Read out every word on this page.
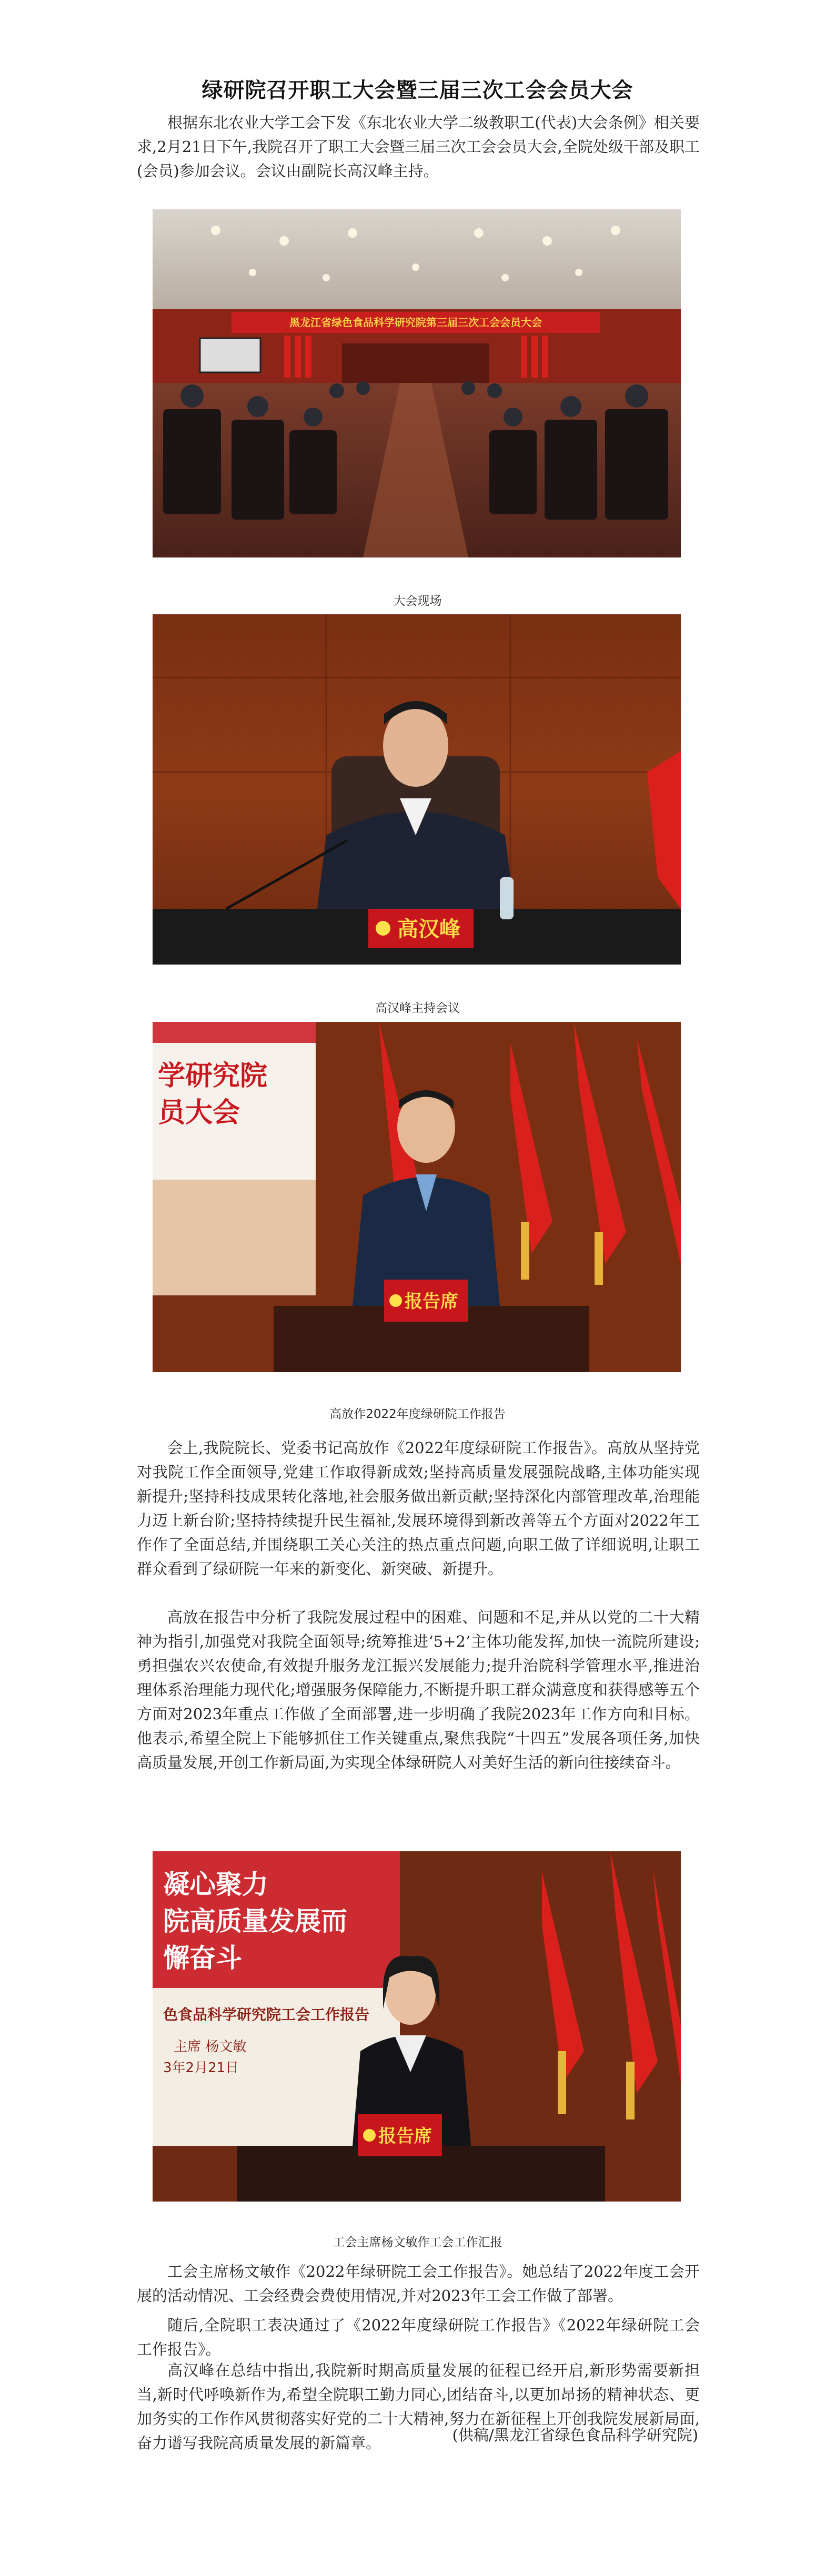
绿研院召开职工大会暨三届三次工会会员大会

根据东北农业大学工会下发《东北农业大学二级教职工(代表)大会条例》相关要求,2月21日下午,我院召开了职工大会暨三届三次工会会员大会,全院处级干部及职工(会员)参加会议。会议由副院长高汉峰主持。

黑龙江省绿色食品科学研究院第三届三次工会会员大会
大会现场
高汉峰
高汉峰主持会议
学研究院
员大会
报告席
高放作2022年度绿研院工作报告

会上,我院院长、党委书记高放作《2022年度绿研院工作报告》。高放从坚持党对我院工作全面领导,党建工作取得新成效;坚持高质量发展强院战略,主体功能实现新提升;坚持科技成果转化落地,社会服务做出新贡献;坚持深化内部管理改革,治理能力迈上新台阶;坚持持续提升民生福祉,发展环境得到新改善等五个方面对2022年工作作了全面总结,并围绕职工关心关注的热点重点问题,向职工做了详细说明,让职工群众看到了绿研院一年来的新变化、新突破、新提升。

高放在报告中分析了我院发展过程中的困难、问题和不足,并从以党的二十大精神为指引,加强党对我院全面领导;统筹推进‘5+2’主体功能发挥,加快一流院所建设;勇担强农兴农使命,有效提升服务龙江振兴发展能力;提升治院科学管理水平,推进治理体系治理能力现代化;增强服务保障能力,不断提升职工群众满意度和获得感等五个方面对2023年重点工作做了全面部署,进一步明确了我院2023年工作方向和目标。他表示,希望全院上下能够抓住工作关键重点,聚焦我院“十四五”发展各项任务,加快高质量发展,开创工作新局面,为实现全体绿研院人对美好生活的新向往接续奋斗。

凝心聚力
院高质量发展而
懈奋斗
色食品科学研究院工会工作报告
主席 杨文敏
3年2月21日
报告席
工会主席杨文敏作工会工作汇报

工会主席杨文敏作《2022年绿研院工会工作报告》。她总结了2022年度工会开展的活动情况、工会经费会费使用情况,并对2023年工会工作做了部署。

随后,全院职工表决通过了《2022年度绿研院工作报告》《2022年绿研院工会工作报告》。

高汉峰在总结中指出,我院新时期高质量发展的征程已经开启,新形势需要新担当,新时代呼唤新作为,希望全院职工勤力同心,团结奋斗,以更加昂扬的精神状态、更加务实的工作作风贯彻落实好党的二十大精神,努力在新征程上开创我院发展新局面,奋力谱写我院高质量发展的新篇章。	(供稿/黑龙江省绿色食品科学研究院)
